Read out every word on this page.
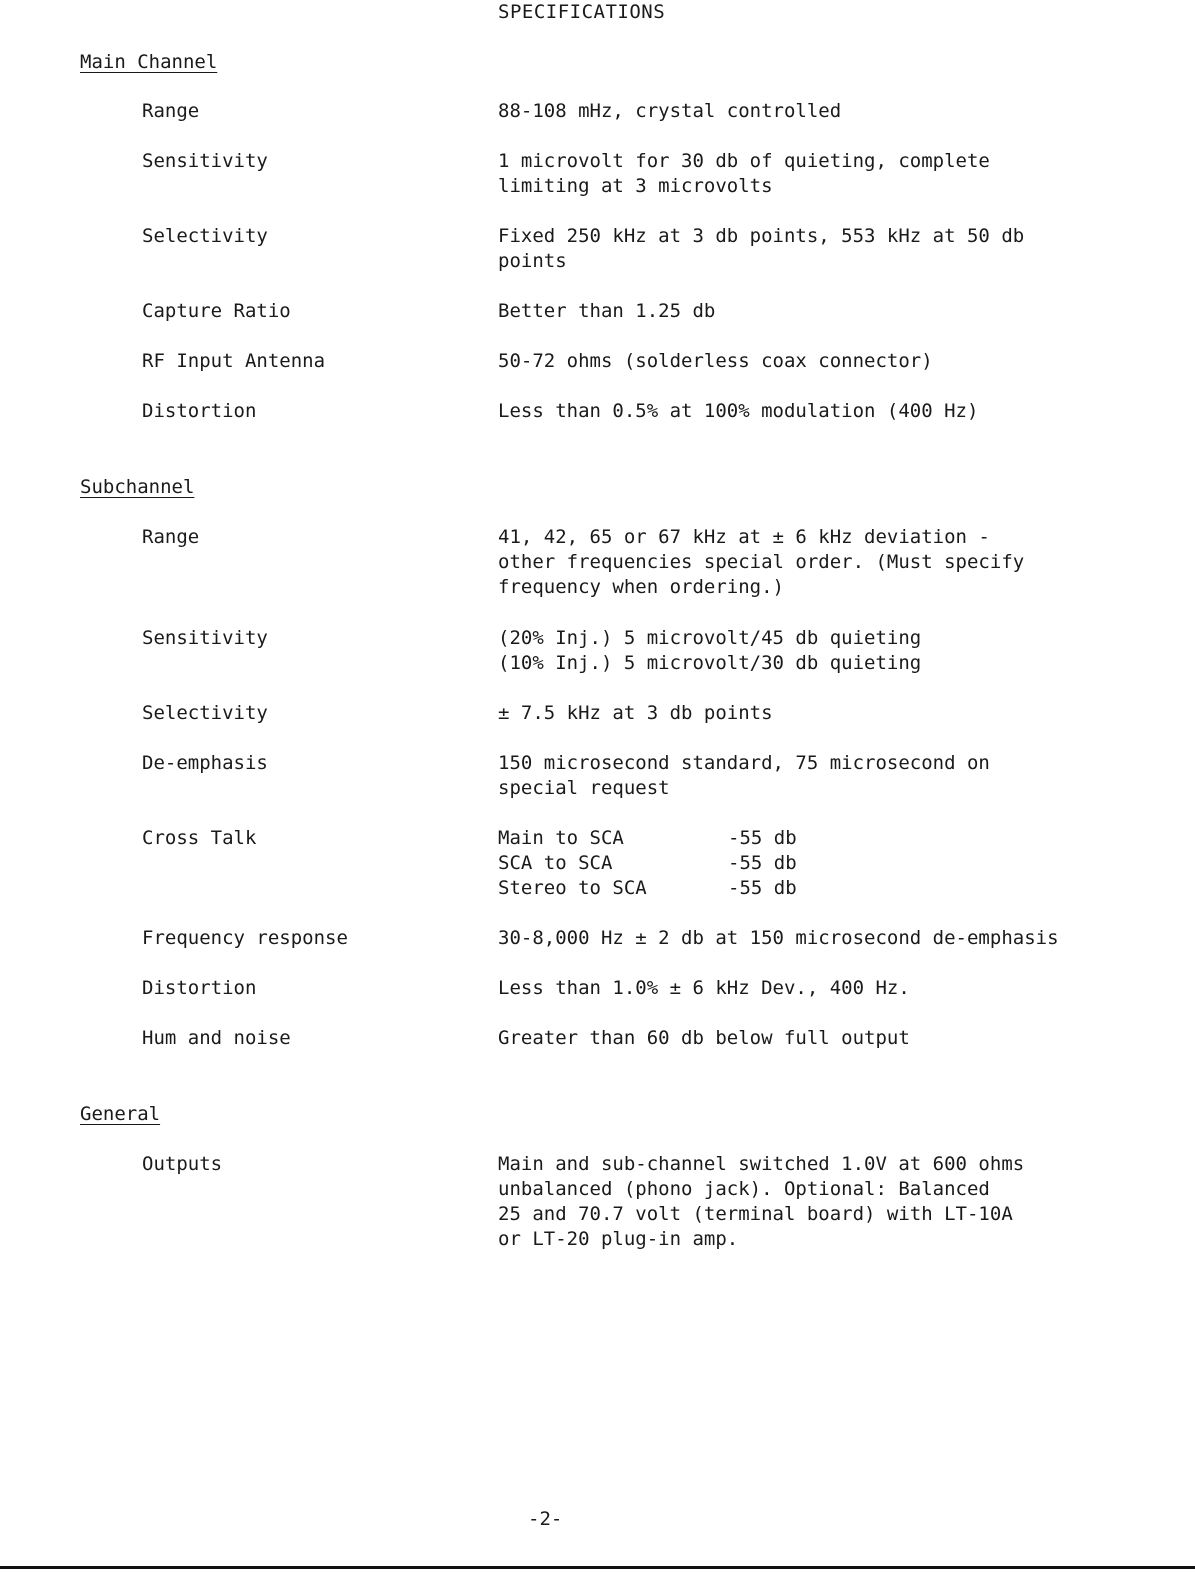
SPECIFICATIONS
Main Channel
Range	88-108 mHz, crystal controlled
Sensitivity	1 microvolt for 30 db of quieting, complete
limiting at 3 microvolts
Selectivity	Fixed 250 kHz at 3 db points, 553 kHz at 50 db
points
Capture Ratio	Better than 1.25 db
RF Input Antenna	50-72 ohms (solderless coax connector)
Distortion	Less than 0.5% at 100% modulation (400 Hz)
Subchannel
Range	41, 42, 65 or 67 kHz at ± 6 kHz deviation -
other frequencies special order. (Must specify
frequency when ordering.)
Sensitivity	(20% Inj.) 5 microvolt/45 db quieting
(10% Inj.) 5 microvolt/30 db quieting
Selectivity	± 7.5 kHz at 3 db points
De-emphasis	150 microsecond standard, 75 microsecond on
special request
Cross Talk	Main to SCA	-55 db
SCA to SCA	-55 db
Stereo to SCA	-55 db
Frequency response	30-8,000 Hz ± 2 db at 150 microsecond de-emphasis
Distortion	Less than 1.0% ± 6 kHz Dev., 400 Hz.
Hum and noise	Greater than 60 db below full output
General
Outputs	Main and sub-channel switched 1.0V at 600 ohms
unbalanced (phono jack). Optional: Balanced
25 and 70.7 volt (terminal board) with LT-10A
or LT-20 plug-in amp.
-2-
